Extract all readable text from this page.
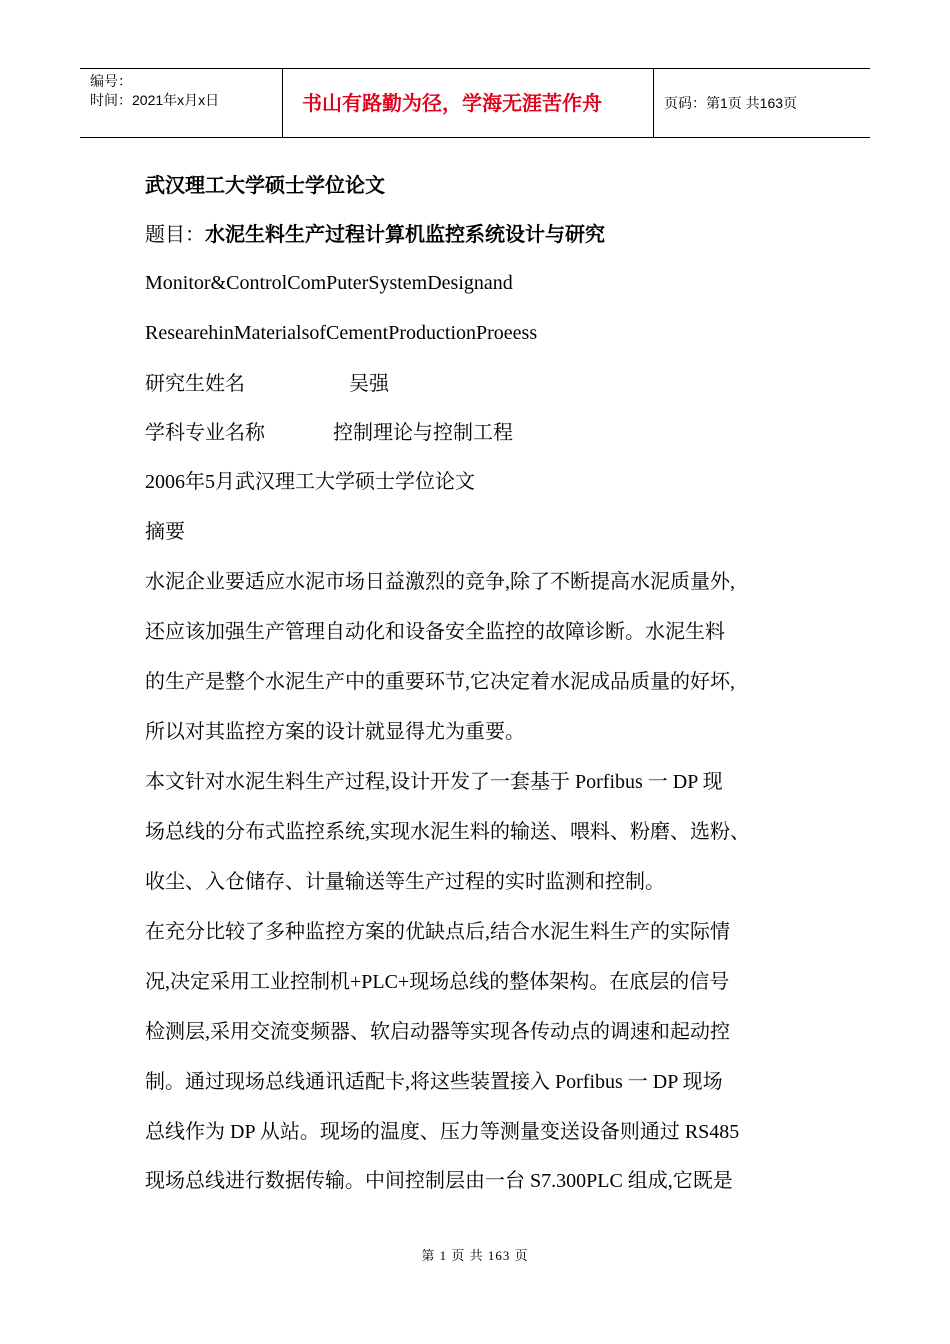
编号：
时间：2021年x月x日	书山有路勤为径，学海无涯苦作舟	页码：第1页 共163页
武汉理工大学硕士学位论文
题目：水泥生料生产过程计算机监控系统设计与研究
Monitor&ControlComPuterSystemDesignand
ResearehinMaterialsofCementProductionProeess
研究生姓名	吴强
学科专业名称	控制理论与控制工程
2006年5月武汉理工大学硕士学位论文
摘要
水泥企业要适应水泥市场日益激烈的竞争,除了不断提高水泥质量外,
还应该加强生产管理自动化和设备安全监控的故障诊断。水泥生料
的生产是整个水泥生产中的重要环节,它决定着水泥成品质量的好坏,
所以对其监控方案的设计就显得尤为重要。
本文针对水泥生料生产过程,设计开发了一套基于 Porfibus 一 DP 现
场总线的分布式监控系统,实现水泥生料的输送、喂料、粉磨、选粉、
收尘、入仓储存、计量输送等生产过程的实时监测和控制。
在充分比较了多种监控方案的优缺点后,结合水泥生料生产的实际情
况,决定采用工业控制机+PLC+现场总线的整体架构。在底层的信号
检测层,采用交流变频器、软启动器等实现各传动点的调速和起动控
制。通过现场总线通讯适配卡,将这些装置接入 Porfibus 一 DP 现场
总线作为 DP 从站。现场的温度、压力等测量变送设备则通过 RS485
现场总线进行数据传输。中间控制层由一台 S7.300PLC 组成,它既是
第 1 页 共 163 页
